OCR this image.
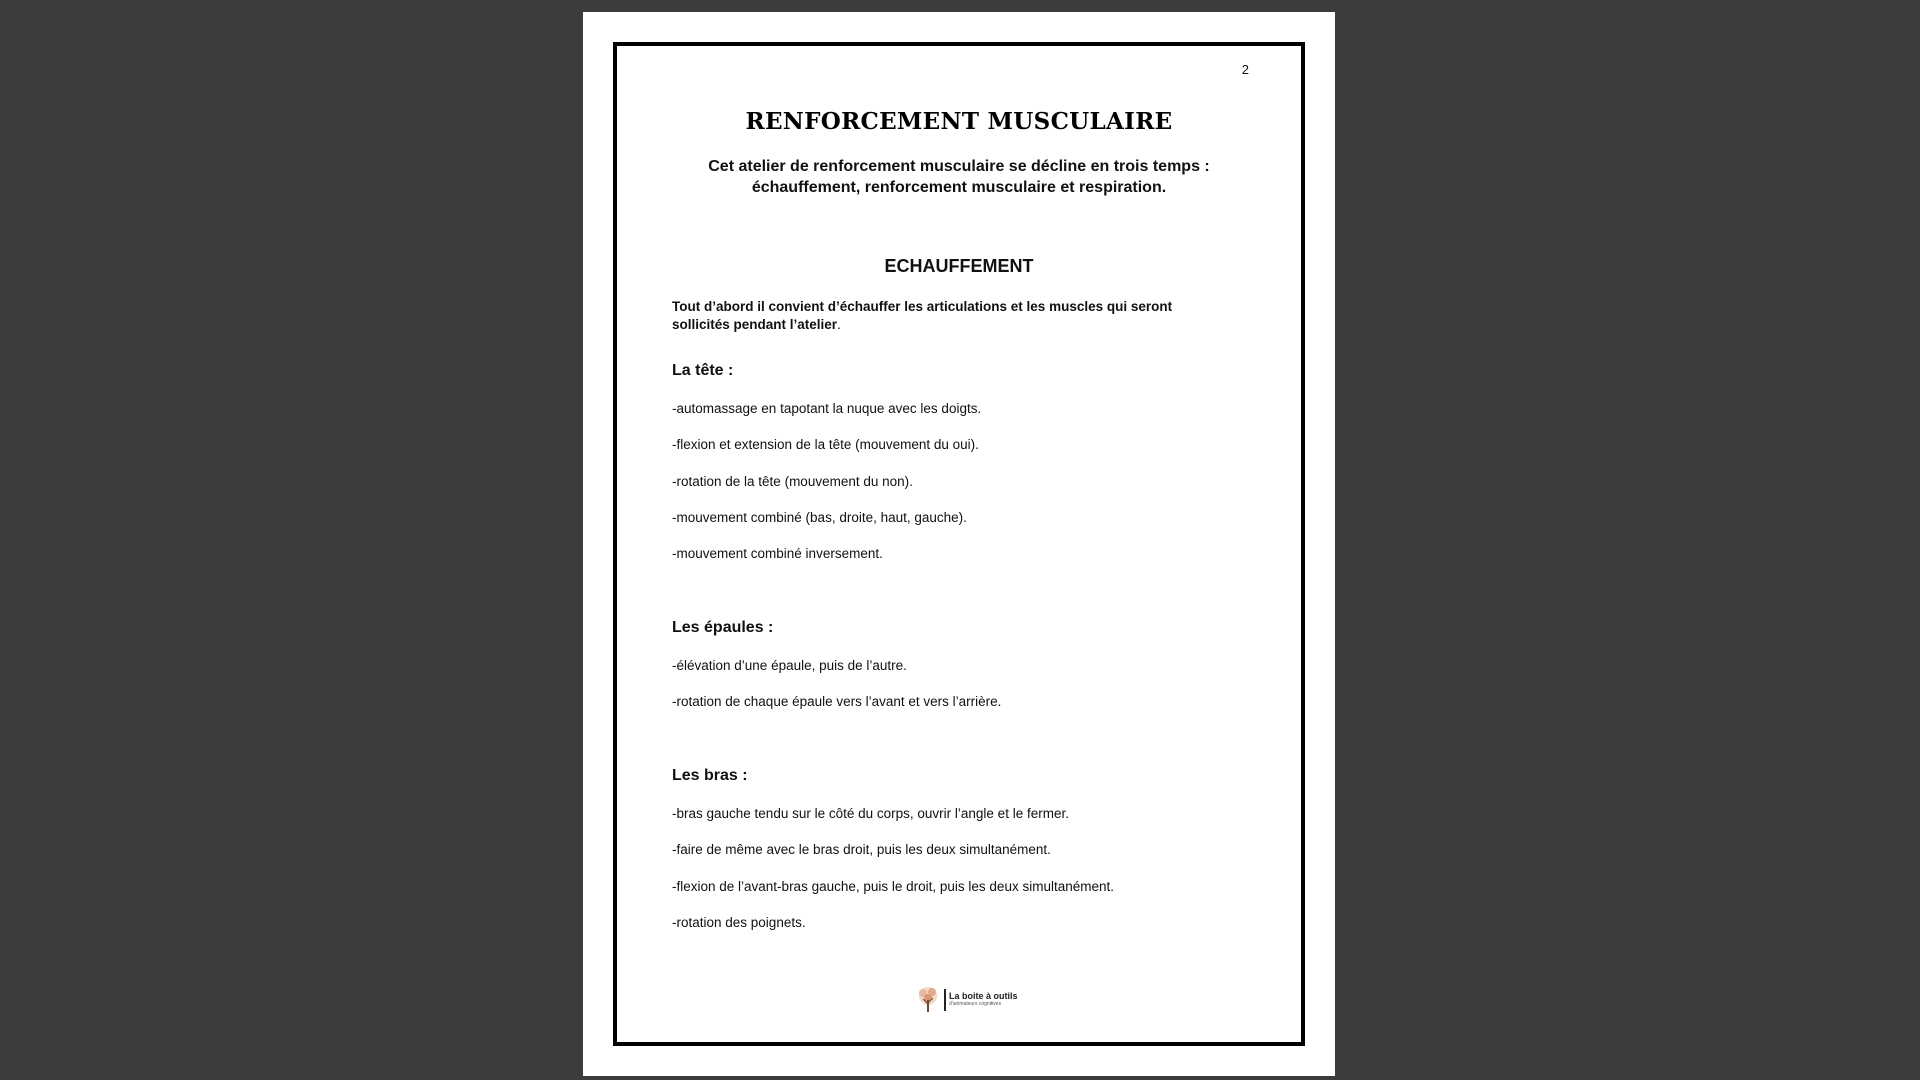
2
RENFORCEMENT MUSCULAIRE
Cet atelier de renforcement musculaire se décline en trois temps :
échauffement, renforcement musculaire et respiration.
ECHAUFFEMENT
Tout d’abord il convient d’échauffer les articulations et les muscles qui seront sollicités pendant l’atelier.
La tête :
-automassage en tapotant la nuque avec les doigts.
-flexion et extension de la tête (mouvement du oui).
-rotation de la tête (mouvement du non).
-mouvement combiné (bas, droite, haut, gauche).
-mouvement combiné inversement.
Les épaules :
-élévation d’une épaule, puis de l’autre.
-rotation de chaque épaule vers l’avant et vers l’arrière.
Les bras :
-bras gauche tendu sur le côté du corps, ouvrir l’angle et le fermer.
-faire de même avec le bras droit, puis les deux simultanément.
-flexion de l’avant-bras gauche, puis le droit, puis les deux simultanément.
-rotation des poignets.
La boite à outils
d'animateurs cognitives
